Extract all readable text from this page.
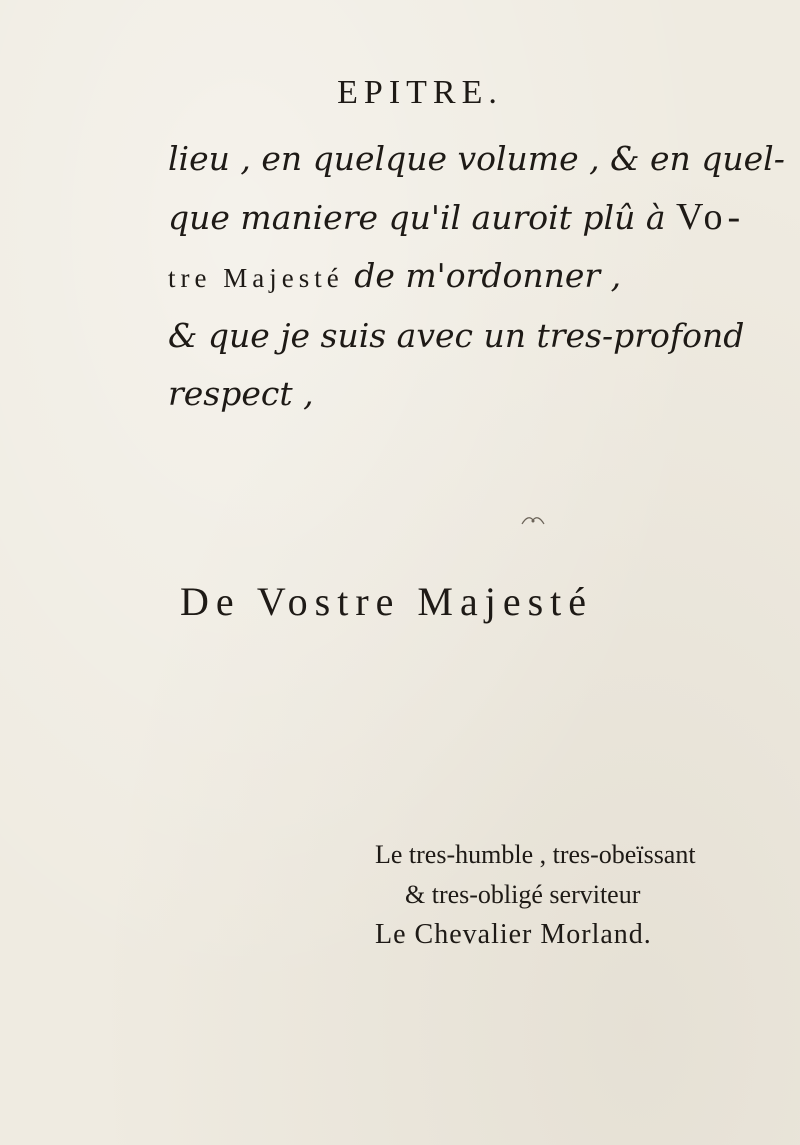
EPITRE.
lieu , en quelque volume , & en quel-
que maniere qu'il auroit plû à Vo-
tre Majesté de m'ordonner ,
& que je suis avec un tres-profond
respect ,
De Vostre Majesté
Le tres-humble , tres-obeïssant
& tres-obligé serviteur
Le Chevalier Morland.
